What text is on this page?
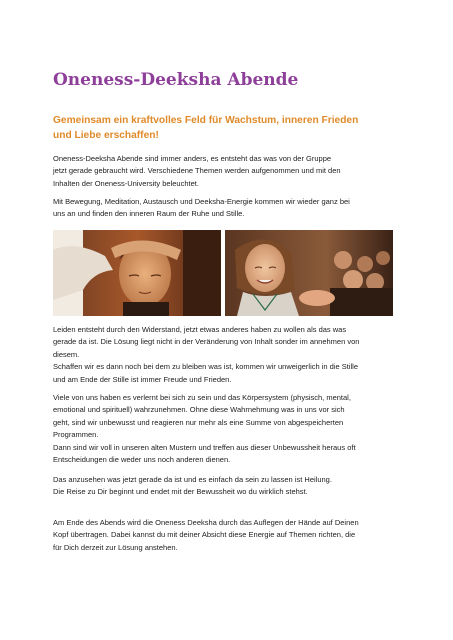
Oneness-Deeksha Abende

Gemeinsam ein kraftvolles Feld für Wachstum, inneren Frieden
und Liebe erschaffen!

Oneness-Deeksha Abende sind immer anders, es entsteht das was von der Gruppe
jetzt gerade gebraucht wird. Verschiedene Themen werden aufgenommen und mit den
Inhalten der Oneness-University beleuchtet.

Mit Bewegung, Meditation, Austausch und Deeksha-Energie kommen wir wieder ganz bei
uns an und finden den inneren Raum der Ruhe und Stille.

Leiden entsteht durch den Widerstand, jetzt etwas anderes haben zu wollen als das was
gerade da ist. Die Lösung liegt nicht in der Veränderung von Inhalt sonder im annehmen von
diesem.
Schaffen wir es dann noch bei dem zu bleiben was ist, kommen wir unweigerlich in die Stille
und am Ende der Stille ist immer Freude und Frieden.

Viele von uns haben es verlernt bei sich zu sein und das Körpersystem (physisch, mental,
emotional und spirituell) wahrzunehmen. Ohne diese Wahrnehmung was in uns vor sich
geht, sind wir unbewusst und reagieren nur mehr als eine Summe von abgespeicherten
Programmen.
Dann sind wir voll in unseren alten Mustern und treffen aus dieser Unbewussheit heraus oft
Entscheidungen die weder uns noch anderen dienen.

Das anzusehen was jetzt gerade da ist und es einfach da sein zu lassen ist Heilung.
Die Reise zu Dir beginnt und endet mit der Bewussheit wo du wirklich stehst.

Am Ende des Abends wird die Oneness Deeksha durch das Auflegen der Hände auf Deinen
Kopf übertragen. Dabei kannst du mit deiner Absicht diese Energie auf Themen richten, die
für Dich derzeit zur Lösung anstehen.
